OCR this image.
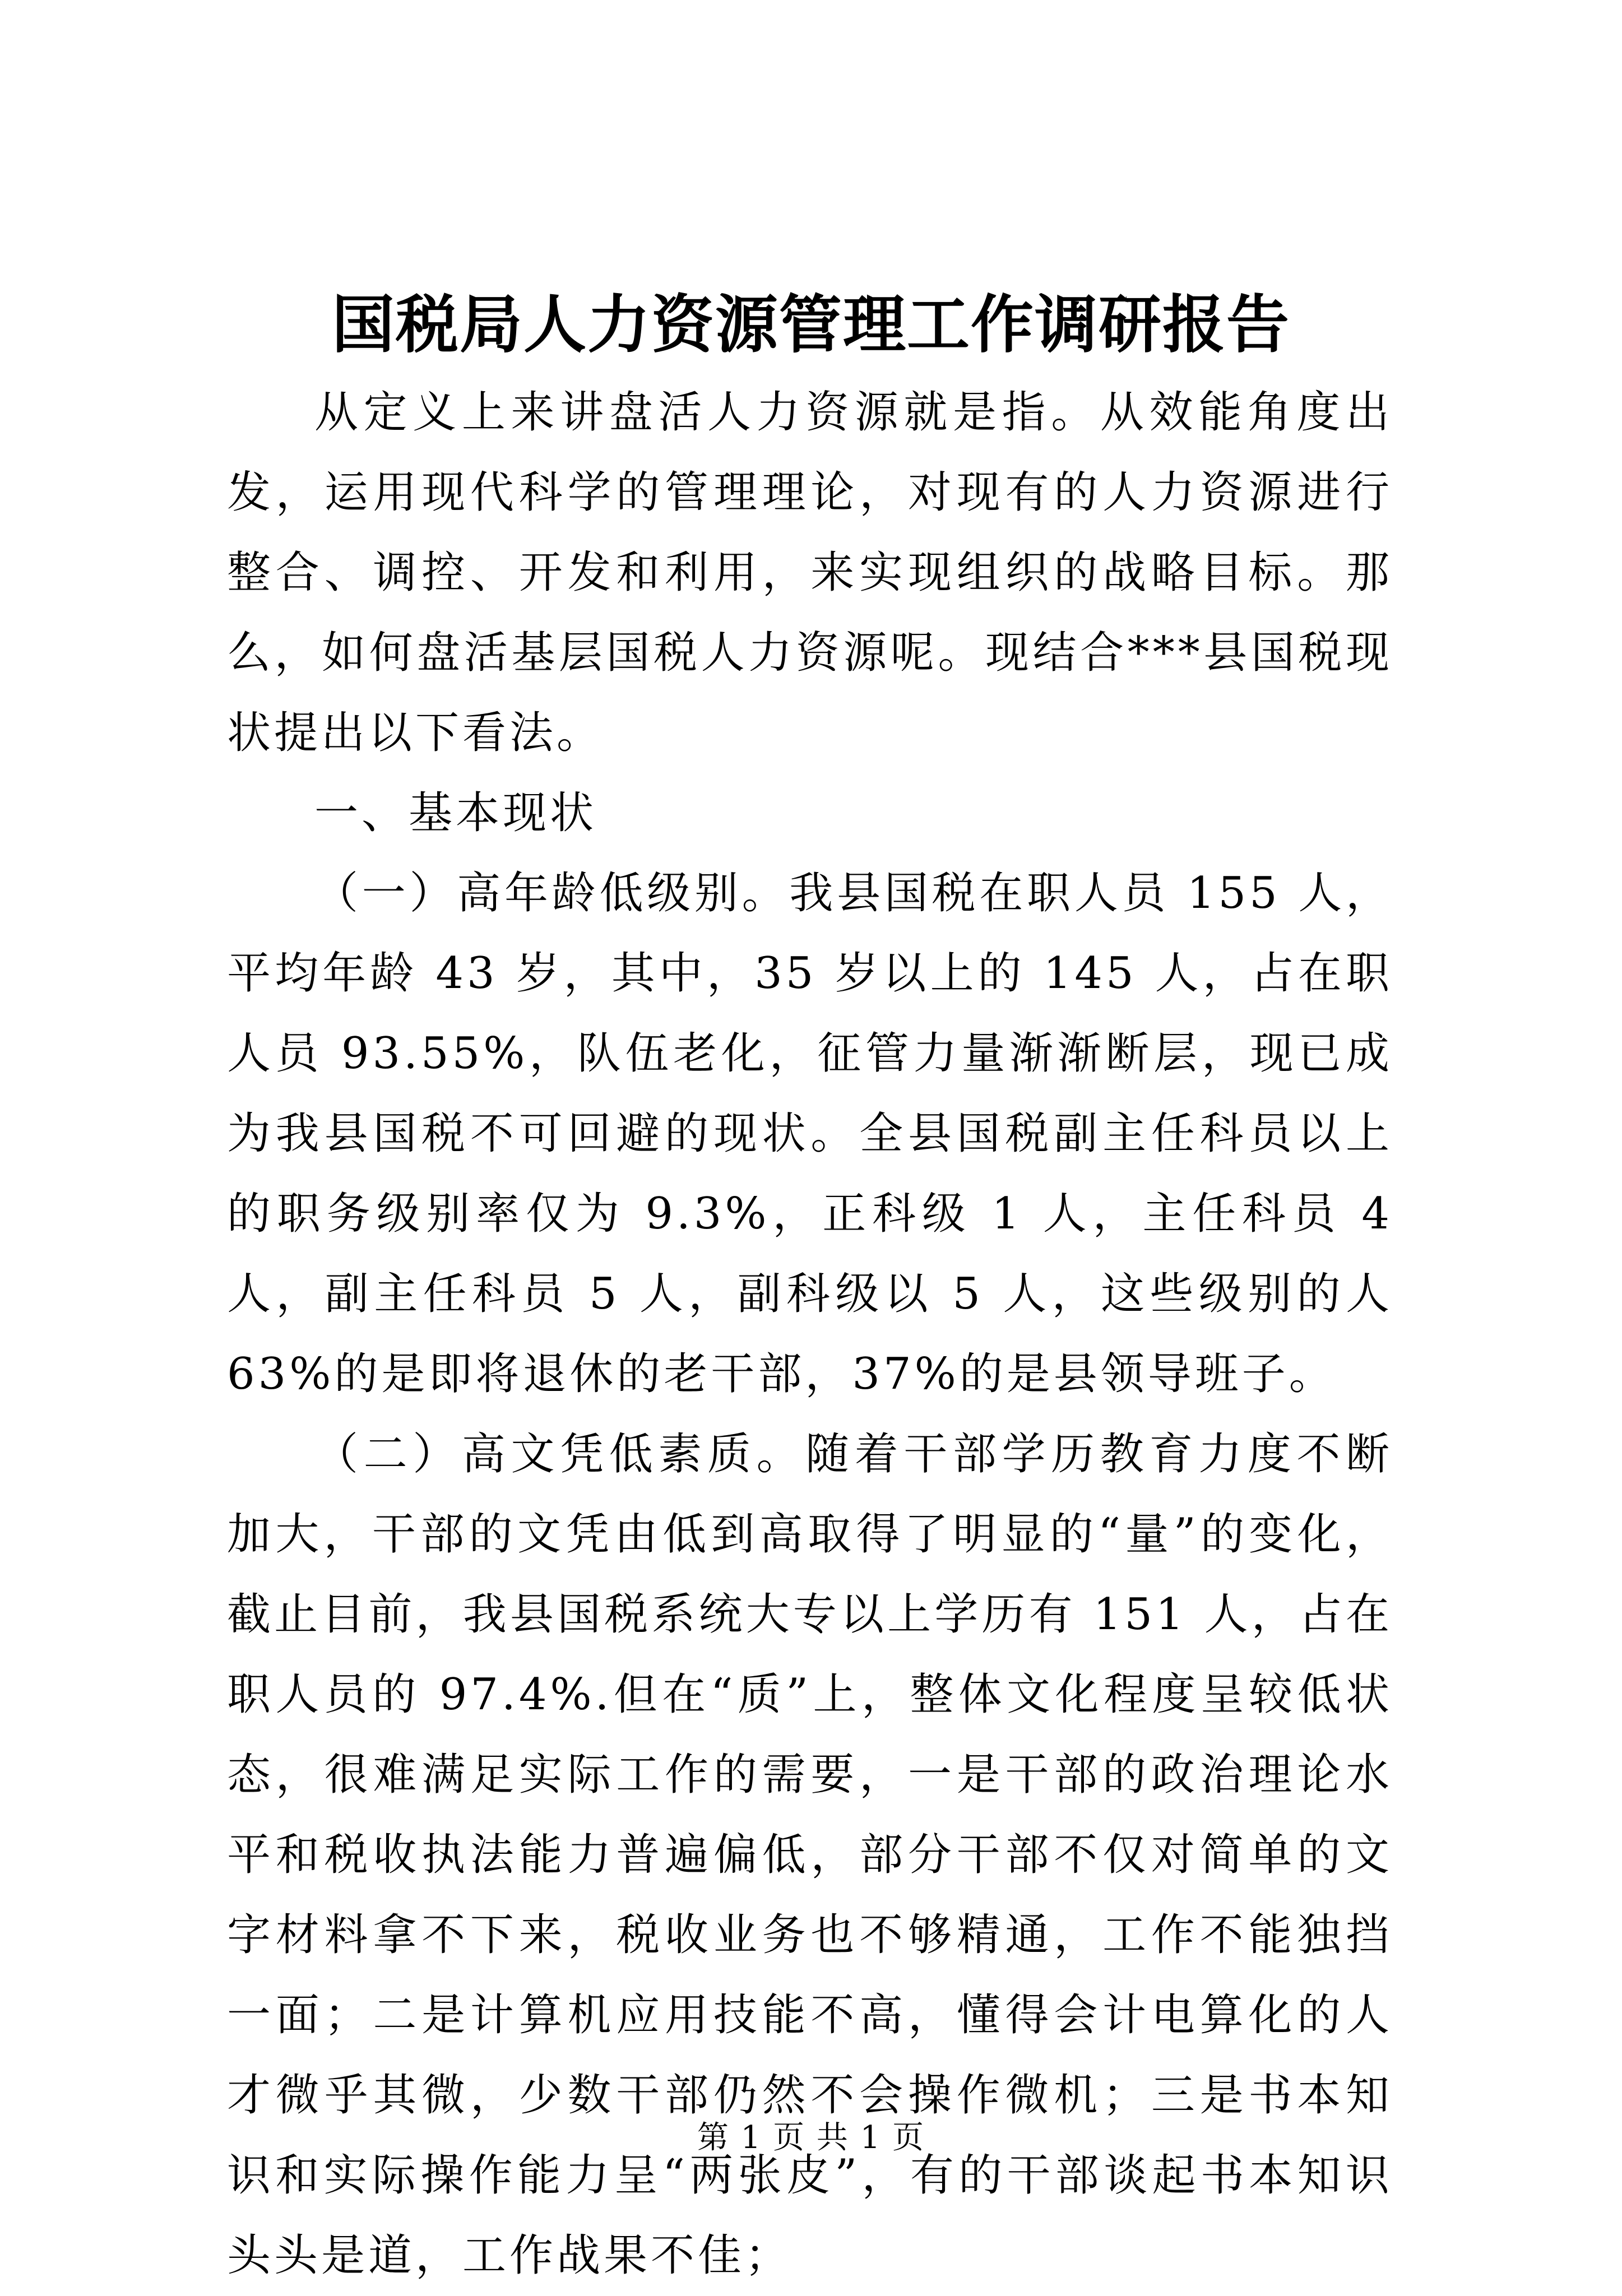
国税局人力资源管理工作调研报告

从定义上来讲盘活人力资源就是指。从效能角度出发，运用现代科学的管理理论，对现有的人力资源进行整合、调控、开发和利用，来实现组织的战略目标。那么，如何盘活基层国税人力资源呢。现结合***县国税现状提出以下看法。

一、基本现状

（一）高年龄低级别。我县国税在职人员 155 人，平均年龄 43 岁，其中，35 岁以上的 145 人，占在职人员 93.55%，队伍老化，征管力量渐渐断层，现已成为我县国税不可回避的现状。全县国税副主任科员以上的职务级别率仅为 9.3%，正科级 1 人，主任科员 4 人，副主任科员 5 人，副科级以 5 人，这些级别的人 63%的是即将退休的老干部，37%的是县领导班子。

（二）高文凭低素质。随着干部学历教育力度不断加大，干部的文凭由低到高取得了明显的“量”的变化，截止目前，我县国税系统大专以上学历有 151 人，占在职人员的 97.4%.但在“质”上，整体文化程度呈较低状态，很难满足实际工作的需要，一是干部的政治理论水平和税收执法能力普遍偏低，部分干部不仅对简单的文字材料拿不下来，税收业务也不够精通，工作不能独挡一面；二是计算机应用技能不高，懂得会计电算化的人才微乎其微，少数干部仍然不会操作微机；三是书本知识和实际操作能力呈“两张皮”，有的干部谈起书本知识头头是道，工作战果不佳；

第 1 页 共 1 页
